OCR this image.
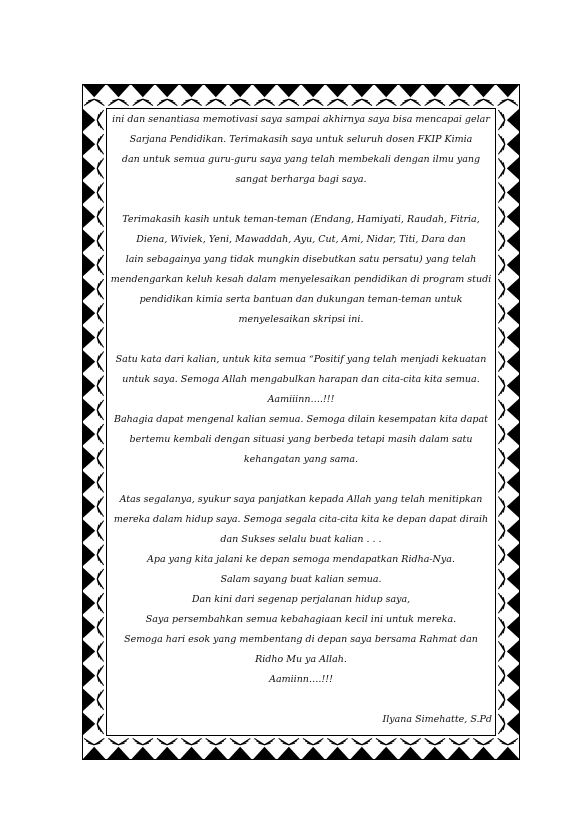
ini dan senantiasa memotivasi saya sampai akhirnya saya bisa mencapai gelar

Sarjana Pendidikan. Terimakasih saya untuk seluruh dosen FKIP Kimia

dan untuk semua guru-guru saya yang telah membekali dengan ilmu yang

sangat berharga bagi saya.

Terimakasih kasih untuk teman-teman (Endang, Hamiyati, Raudah, Fitria,

Diena, Wiviek, Yeni, Mawaddah, Ayu, Cut, Ami, Nidar, Titi, Dara dan

lain sebagainya yang tidak mungkin disebutkan satu persatu) yang telah

mendengarkan keluh kesah dalam menyelesaikan pendidikan di program studi

pendidikan kimia serta bantuan dan dukungan teman-teman untuk

menyelesaikan skripsi ini.

Satu kata dari kalian, untuk kita semua “Positif yang telah menjadi kekuatan

untuk saya. Semoga Allah mengabulkan harapan dan cita-cita kita semua.

Aamiiinn….!!!

Bahagia dapat mengenal kalian semua. Semoga dilain kesempatan kita dapat

bertemu kembali dengan situasi yang berbeda tetapi masih dalam satu

kehangatan yang sama.

Atas segalanya, syukur saya panjatkan kepada Allah yang telah menitipkan

mereka dalam hidup saya. Semoga segala cita-cita kita ke depan dapat diraih

dan Sukses selalu buat kalian . . .

Apa yang kita jalani ke depan semoga mendapatkan Ridha-Nya.

Salam sayang buat kalian semua.

Dan kini dari segenap perjalanan hidup saya,

Saya persembahkan semua kebahagiaan kecil ini untuk mereka.

Semoga hari esok yang membentang di depan saya bersama Rahmat dan

Ridho Mu ya Allah.

Aamiinn….!!!

Ilyana Simehatte, S.Pd
